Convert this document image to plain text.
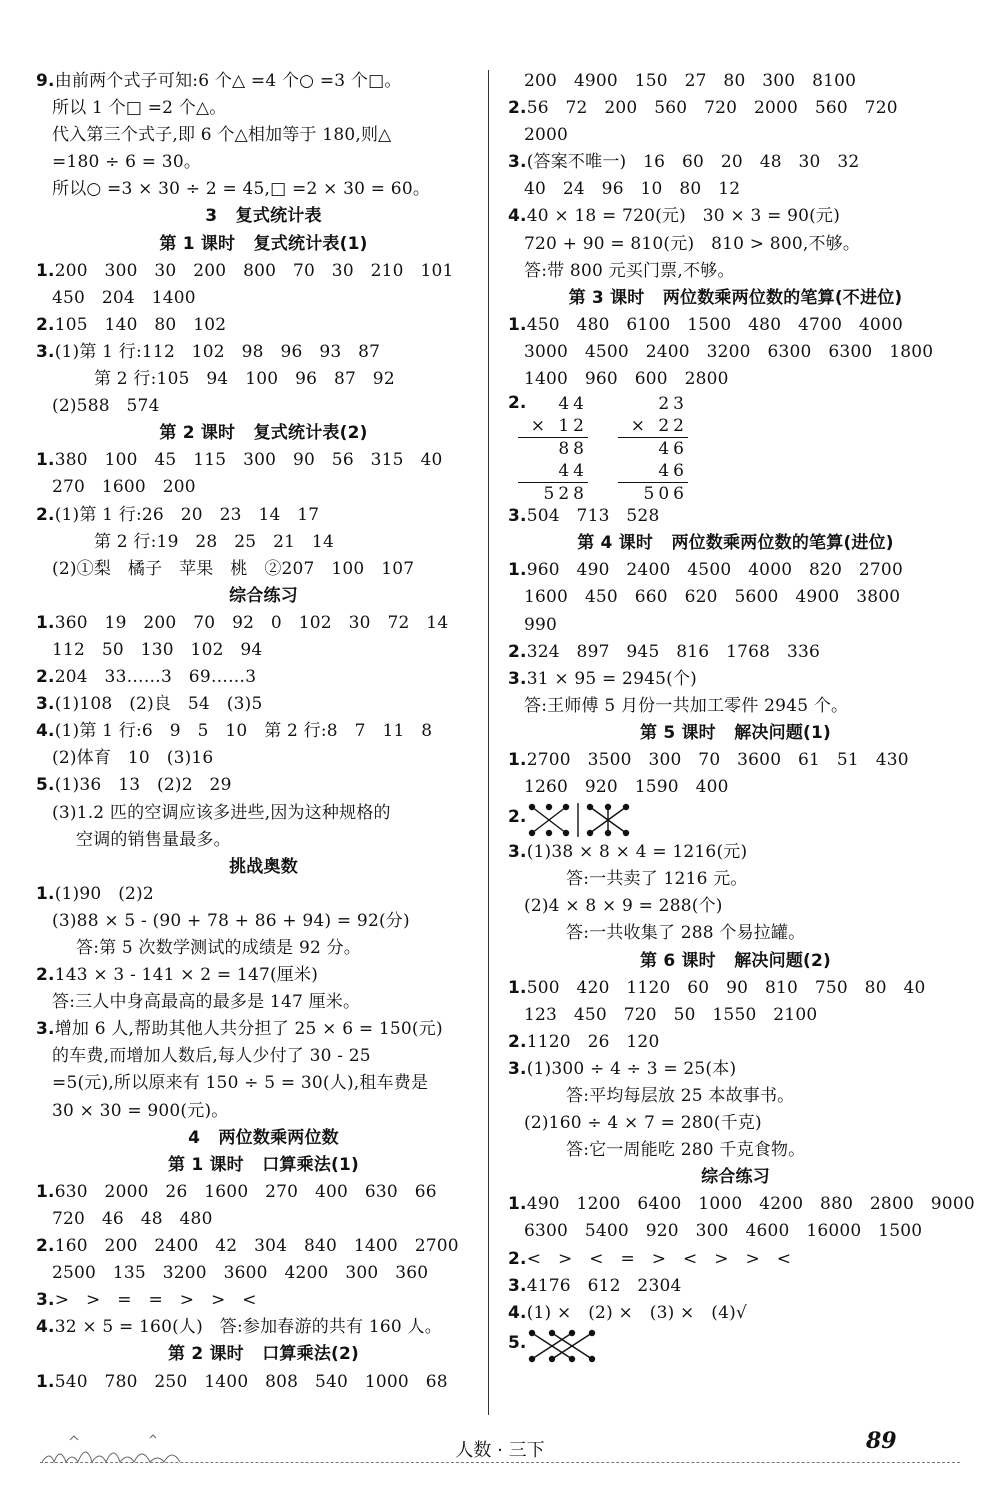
9.由前两个式子可知:6 个△ =4 个○ =3 个□。
所以 1 个□ =2 个△。
代入第三个式子,即 6 个△相加等于 180,则△
=180 ÷ 6 = 30。
所以○ =3 × 30 ÷ 2 = 45,□ =2 × 30 = 60。
3   复式统计表
第 1 课时   复式统计表(1)
1.200   300   30   200   800   70   30   210   101
450   204   1400
2.105   140   80   102
3.(1)第 1 行:112   102   98   96   93   87
第 2 行:105   94   100   96   87   92
(2)588   574
第 2 课时   复式统计表(2)
1.380   100   45   115   300   90   56   315   40
270   1600   200
2.(1)第 1 行:26   20   23   14   17
第 2 行:19   28   25   21   14
(2)①梨   橘子   苹果   桃   ②207   100   107
综合练习
1.360   19   200   70   92   0   102   30   72   14
112   50   130   102   94
2.204   33……3   69……3
3.(1)108   (2)良   54   (3)5
4.(1)第 1 行:6   9   5   10   第 2 行:8   7   11   8
(2)体育   10   (3)16
5.(1)36   13   (2)2   29
(3)1.2 匹的空调应该多进些,因为这种规格的
空调的销售量最多。
挑战奥数
1.(1)90   (2)2
(3)88 × 5 - (90 + 78 + 86 + 94) = 92(分)
答:第 5 次数学测试的成绩是 92 分。
2.143 × 3 - 141 × 2 = 147(厘米)
答:三人中身高最高的最多是 147 厘米。
3.增加 6 人,帮助其他人共分担了 25 × 6 = 150(元)
的车费,而增加人数后,每人少付了 30 - 25
=5(元),所以原来有 150 ÷ 5 = 30(人),租车费是
30 × 30 = 900(元)。
4   两位数乘两位数
第 1 课时   口算乘法(1)
1.630   2000   26   1600   270   400   630   66
720   46   48   480
2.160   200   2400   42   304   840   1400   2700
2500   135   3200   3600   4200   300   360
3.>   >   =   =   >   >   <
4.32 × 5 = 160(人)   答:参加春游的共有 160 人。
第 2 课时   口算乘法(2)
1.540   780   250   1400   808   540   1000   68
200   4900   150   27   80   300   8100
2.56   72   200   560   720   2000   560   720
2000
3.(答案不唯一)   16   60   20   48   30   32
40   24   96   10   80   12
4.40 × 18 = 720(元)   30 × 3 = 90(元)
720 + 90 = 810(元)   810 > 800,不够。
答:带 800 元买门票,不够。
第 3 课时   两位数乘两位数的笔算(不进位)
1.450   480   6100   1500   480   4700   4000
3000   4500   2400   3200   6300   6300   1800
1400   960   600   2800
2.	44
× 12
88
44
528
23
× 22
46
46
506
3.504   713   528
第 4 课时   两位数乘两位数的笔算(进位)
1.960   490   2400   4500   4000   820   2700
1600   450   660   620   5600   4900   3800
990
2.324   897   945   816   1768   336
3.31 × 95 = 2945(个)
答:王师傅 5 月份一共加工零件 2945 个。
第 5 课时   解决问题(1)
1.2700   3500   300   70   3600   61   51   430
1260   920   1590   400
2.
3.(1)38 × 8 × 4 = 1216(元)
答:一共卖了 1216 元。
(2)4 × 8 × 9 = 288(个)
答:一共收集了 288 个易拉罐。
第 6 课时   解决问题(2)
1.500   420   1120   60   90   810   750   80   40
123   450   720   50   1550   2100
2.1120   26   120
3.(1)300 ÷ 4 ÷ 3 = 25(本)
答:平均每层放 25 本故事书。
(2)160 ÷ 4 × 7 = 280(千克)
答:它一周能吃 280 千克食物。
综合练习
1.490   1200   6400   1000   4200   880   2800   9000
6300   5400   920   300   4600   16000   1500
2.<   >   <   =   >   <   >   >   <
3.4176   612   2304
4.(1) ×   (2) ×   (3) ×   (4)√
5.
人数 · 三下	89
